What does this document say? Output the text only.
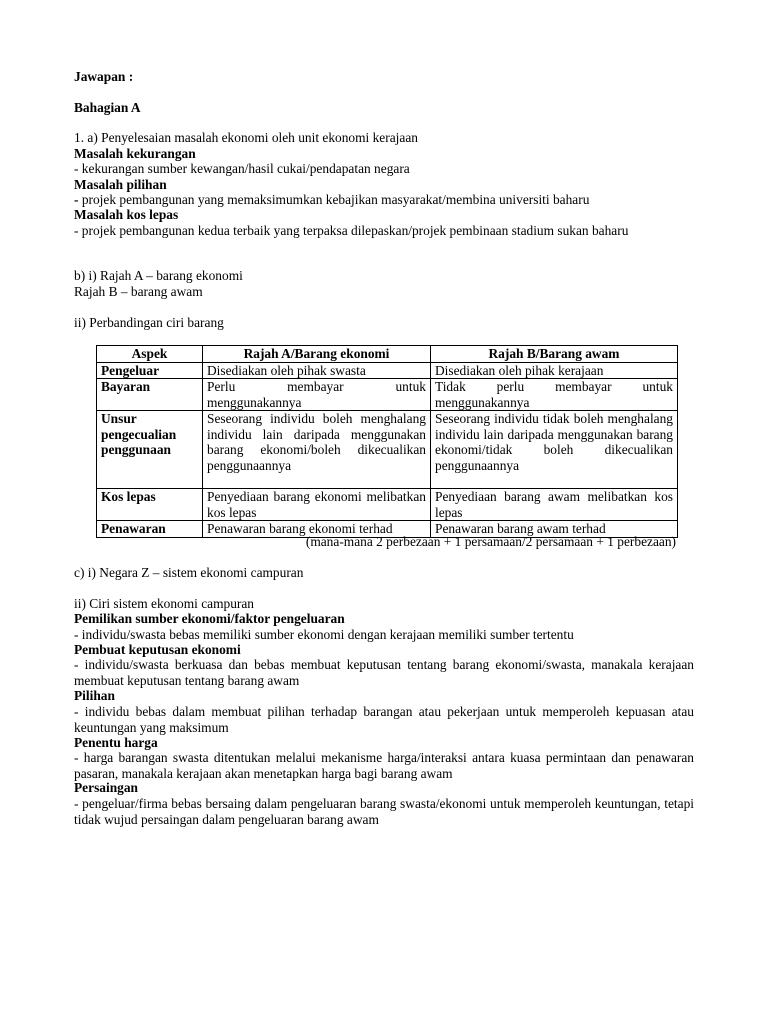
Jawapan :
Bahagian A
1. a) Penyelesaian masalah ekonomi oleh unit ekonomi kerajaan
Masalah kekurangan
- kekurangan sumber kewangan/hasil cukai/pendapatan negara
Masalah pilihan
- projek pembangunan yang memaksimumkan kebajikan masyarakat/membina universiti baharu
Masalah kos lepas
- projek pembangunan kedua terbaik yang terpaksa dilepaskan/projek pembinaan stadium sukan baharu
b) i) Rajah A – barang ekonomi
Rajah B – barang awam
ii) Perbandingan ciri barang
Aspek	Rajah A/Barang ekonomi	Rajah B/Barang awam
Pengeluar	Disediakan oleh pihak swasta	Disediakan oleh pihak kerajaan
Bayaran	Perlu membayar untuk menggunakannya	Tidak perlu membayar untuk menggunakannya
Unsur pengecualian penggunaan	Seseorang individu boleh menghalang individu lain daripada menggunakan barang ekonomi/boleh dikecualikan penggunaannya	Seseorang individu tidak boleh menghalang individu lain daripada menggunakan barang ekonomi/tidak boleh dikecualikan penggunaannya
Kos lepas	Penyediaan barang ekonomi melibatkan kos lepas	Penyediaan barang awam melibatkan kos lepas
Penawaran	Penawaran barang ekonomi terhad	Penawaran barang awam terhad
(mana-mana 2 perbezaan + 1 persamaan/2 persamaan + 1 perbezaan)
c) i) Negara Z – sistem ekonomi campuran
ii) Ciri sistem ekonomi campuran
Pemilikan sumber ekonomi/faktor pengeluaran
- individu/swasta bebas memiliki sumber ekonomi dengan kerajaan memiliki sumber tertentu
Pembuat keputusan ekonomi
- individu/swasta berkuasa dan bebas membuat keputusan tentang barang ekonomi/swasta, manakala kerajaan membuat keputusan tentang barang awam
Pilihan
- individu bebas dalam membuat pilihan terhadap barangan atau pekerjaan untuk memperoleh kepuasan atau keuntungan yang maksimum
Penentu harga
- harga barangan swasta ditentukan melalui mekanisme harga/interaksi antara kuasa permintaan dan penawaran pasaran, manakala kerajaan akan menetapkan harga bagi barang awam
Persaingan
- pengeluar/firma bebas bersaing dalam pengeluaran barang swasta/ekonomi untuk memperoleh keuntungan, tetapi tidak wujud persaingan dalam pengeluaran barang awam
